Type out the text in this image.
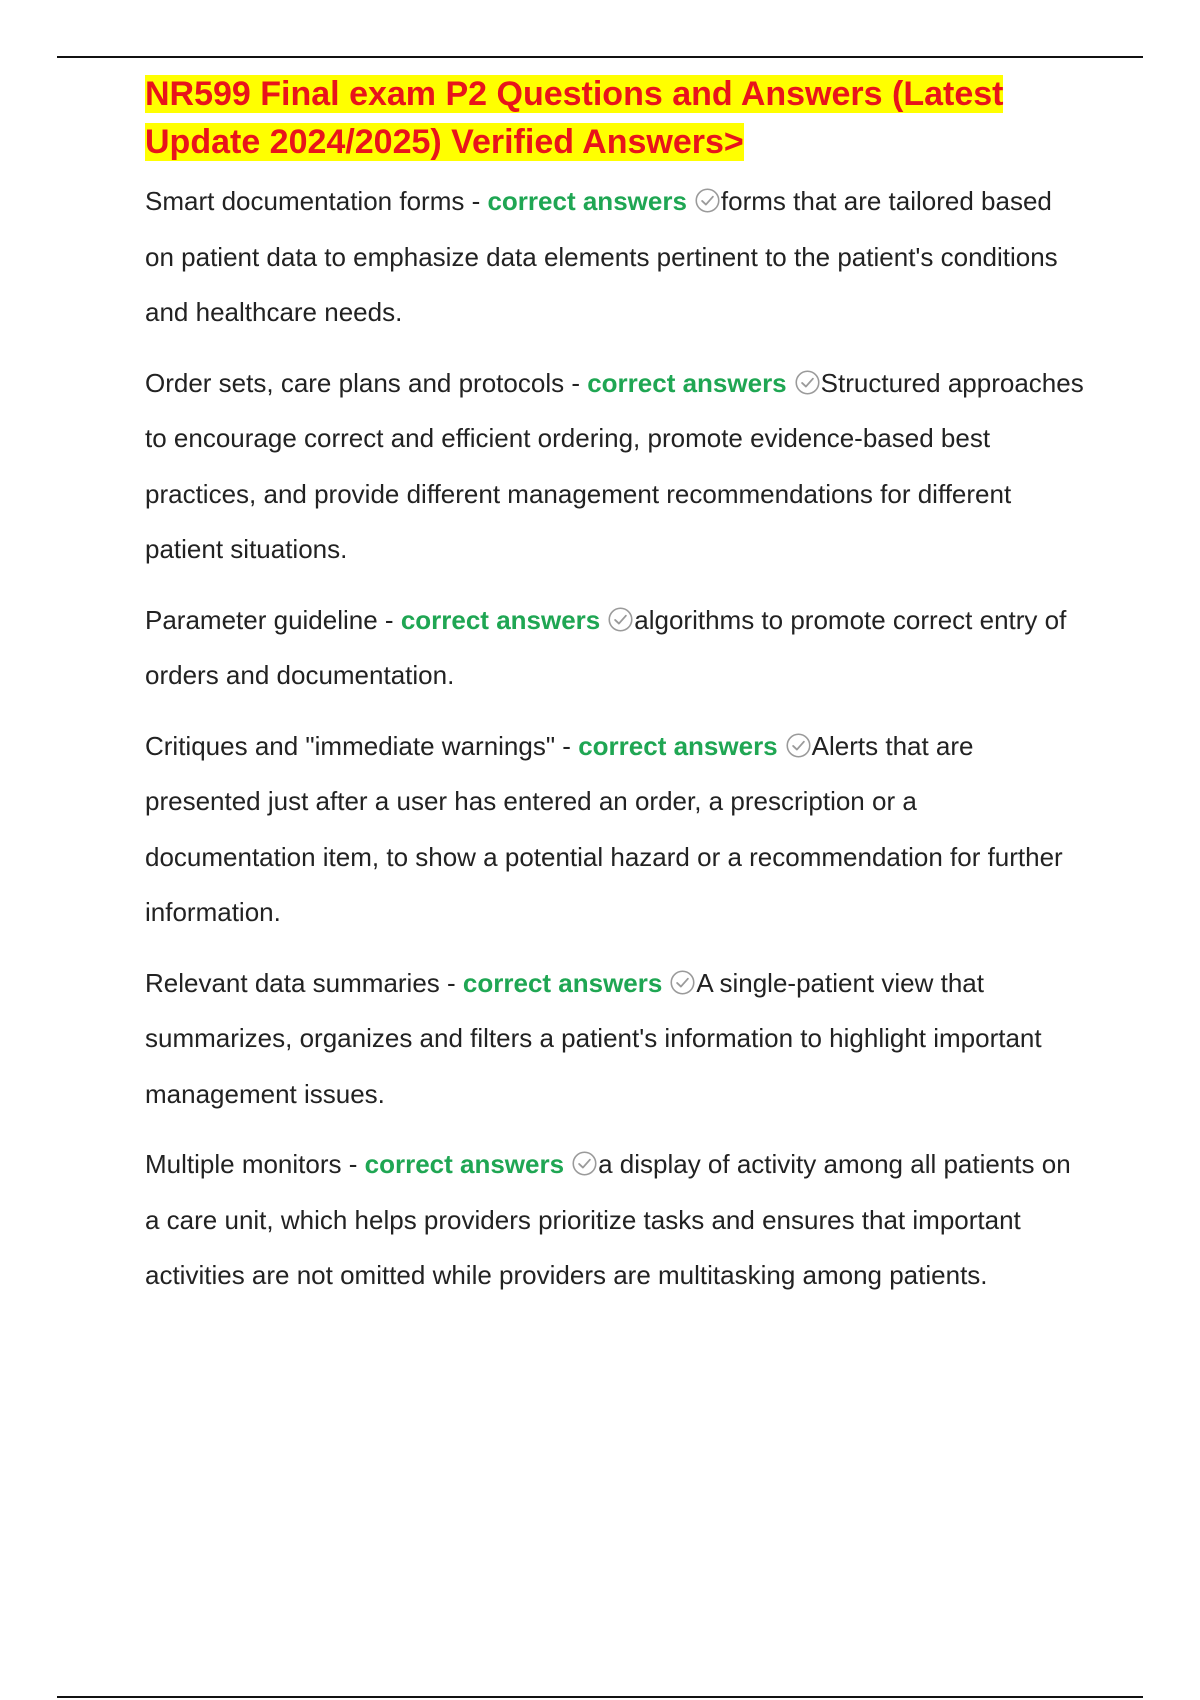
NR599 Final exam P2 Questions and Answers (Latest Update 2024/2025) Verified Answers>

Smart documentation forms - correct answers forms that are tailored based on patient data to emphasize data elements pertinent to the patient's conditions and healthcare needs.

Order sets, care plans and protocols - correct answers Structured approaches to encourage correct and efficient ordering, promote evidence-based best practices, and provide different management recommendations for different patient situations.

Parameter guideline - correct answers algorithms to promote correct entry of orders and documentation.

Critiques and "immediate warnings" - correct answers Alerts that are presented just after a user has entered an order, a prescription or a documentation item, to show a potential hazard or a recommendation for further information.

Relevant data summaries - correct answers A single-patient view that summarizes, organizes and filters a patient's information to highlight important management issues.

Multiple monitors - correct answers a display of activity among all patients on a care unit, which helps providers prioritize tasks and ensures that important activities are not omitted while providers are multitasking among patients.
